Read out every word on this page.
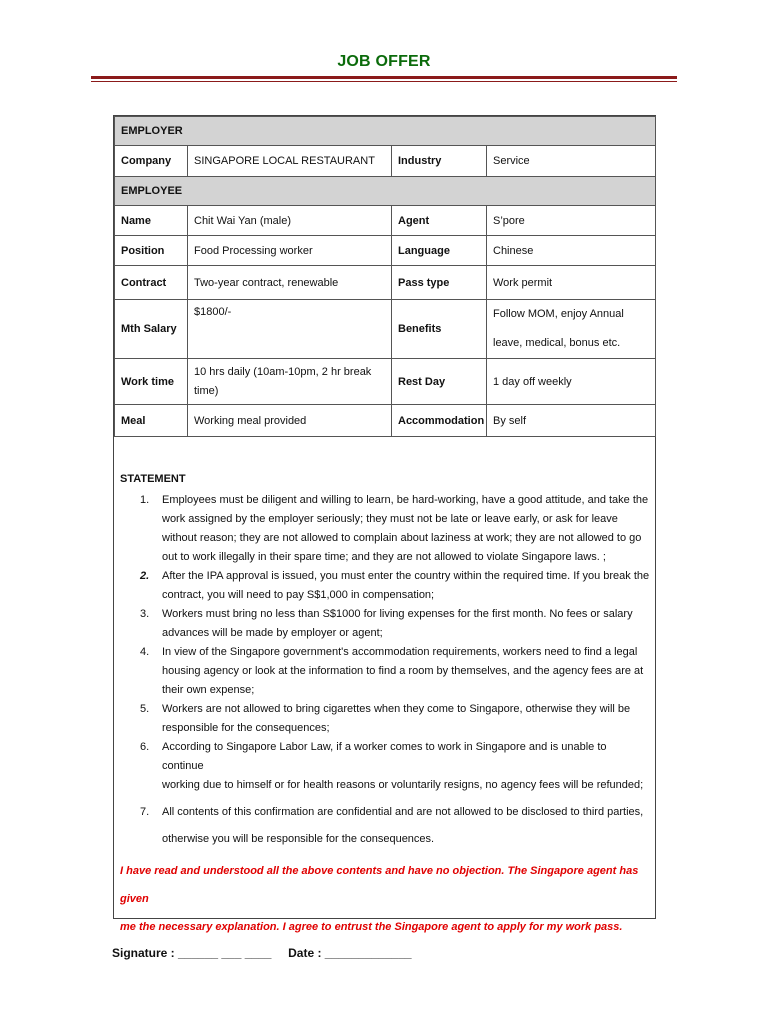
JOB OFFER
EMPLOYER			
Company	SINGAPORE LOCAL RESTAURANT	Industry	Service
EMPLOYEE			
Name	Chit Wai Yan (male)	Agent	S’pore
Position	Food Processing worker	Language	Chinese
Contract	Two-year contract, renewable	Pass type	Work permit
Mth Salary	$1800/-	Benefits	Follow MOM, enjoy Annual
leave, medical, bonus etc.

Work time	10 hrs daily (10am-10pm, 2 hr break
time)	Rest Day	1 day off weekly
Meal	Working meal provided	Accommodation	By self
STATEMENT
1.	Employees must be diligent and willing to learn, be hard-working, have a good attitude, and take the
work assigned by the employer seriously; they must not be late or leave early, or ask for leave
without reason; they are not allowed to complain about laziness at work; they are not allowed to go
out to work illegally in their spare time; and they are not allowed to violate Singapore laws. ;
2.	After the IPA approval is issued, you must enter the country within the required time. If you break the
contract, you will need to pay S$1,000 in compensation;
3.	Workers must bring no less than S$1000 for living expenses for the first month. No fees or salary
advances will be made by employer or agent;
4.	In view of the Singapore government's accommodation requirements, workers need to find a legal
housing agency or look at the information to find a room by themselves, and the agency fees are at
their own expense;
5.	Workers are not allowed to bring cigarettes when they come to Singapore, otherwise they will be
responsible for the consequences;
6.	According to Singapore Labor Law, if a worker comes to work in Singapore and is unable to continue
working due to himself or for health reasons or voluntarily resigns, no agency fees will be refunded;
7.	All contents of this confirmation are confidential and are not allowed to be disclosed to third parties,
otherwise you will be responsible for the consequences.
I have read and understood all the above contents and have no objection. The Singapore agent has given
me the necessary explanation. I agree to entrust the Singapore agent to apply for my work pass.
Signature : ______ ___ ____     Date : _____________
